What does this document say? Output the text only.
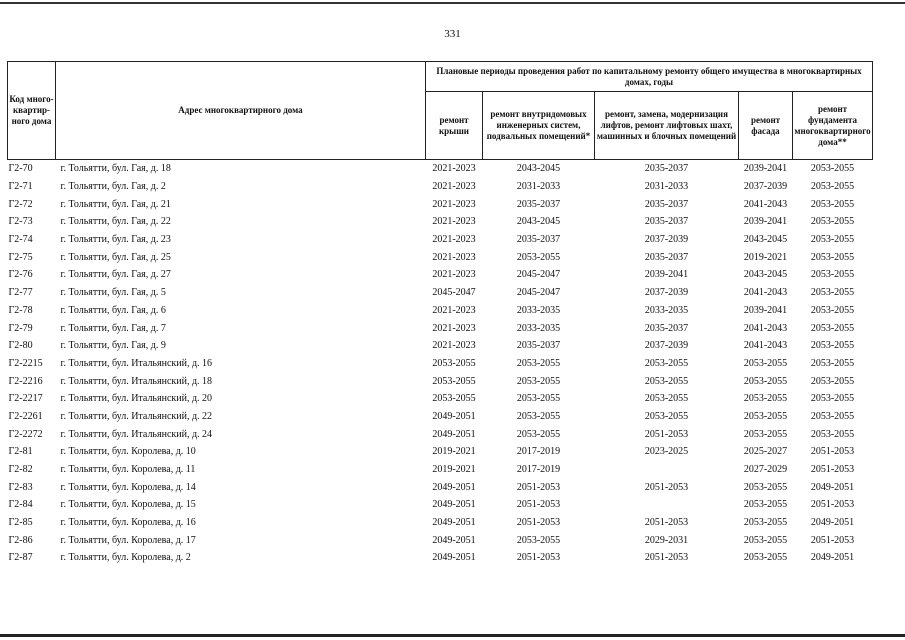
331
Код много-квартир-ного дома	Адрес многоквартирного дома	Плановые периоды проведения работ по капитальному ремонту общего имущества в многоквартирных домах, годы				
		ремонт крыши	ремонт внутридомовых инженерных систем, подвальных помещений*	ремонт, замена, модернизация лифтов, ремонт лифтовых шахт, машинных и блочных помещений	ремонт фасада	ремонт фундамента многоквартирного дома**
Г2-70	г. Тольятти, бул. Гая, д. 18	2021-2023	2043-2045	2035-2037	2039-2041	2053-2055
Г2-71	г. Тольятти, бул. Гая, д. 2	2021-2023	2031-2033	2031-2033	2037-2039	2053-2055
Г2-72	г. Тольятти, бул. Гая, д. 21	2021-2023	2035-2037	2035-2037	2041-2043	2053-2055
Г2-73	г. Тольятти, бул. Гая, д. 22	2021-2023	2043-2045	2035-2037	2039-2041	2053-2055
Г2-74	г. Тольятти, бул. Гая, д. 23	2021-2023	2035-2037	2037-2039	2043-2045	2053-2055
Г2-75	г. Тольятти, бул. Гая, д. 25	2021-2023	2053-2055	2035-2037	2019-2021	2053-2055
Г2-76	г. Тольятти, бул. Гая, д. 27	2021-2023	2045-2047	2039-2041	2043-2045	2053-2055
Г2-77	г. Тольятти, бул. Гая, д. 5	2045-2047	2045-2047	2037-2039	2041-2043	2053-2055
Г2-78	г. Тольятти, бул. Гая, д. 6	2021-2023	2033-2035	2033-2035	2039-2041	2053-2055
Г2-79	г. Тольятти, бул. Гая, д. 7	2021-2023	2033-2035	2035-2037	2041-2043	2053-2055
Г2-80	г. Тольятти, бул. Гая, д. 9	2021-2023	2035-2037	2037-2039	2041-2043	2053-2055
Г2-2215	г. Тольятти, бул. Итальянский, д. 16	2053-2055	2053-2055	2053-2055	2053-2055	2053-2055
Г2-2216	г. Тольятти, бул. Итальянский, д. 18	2053-2055	2053-2055	2053-2055	2053-2055	2053-2055
Г2-2217	г. Тольятти, бул. Итальянский, д. 20	2053-2055	2053-2055	2053-2055	2053-2055	2053-2055
Г2-2261	г. Тольятти, бул. Итальянский, д. 22	2049-2051	2053-2055	2053-2055	2053-2055	2053-2055
Г2-2272	г. Тольятти, бул. Итальянский, д. 24	2049-2051	2053-2055	2051-2053	2053-2055	2053-2055
Г2-81	г. Тольятти, бул. Королева, д. 10	2019-2021	2017-2019	2023-2025	2025-2027	2051-2053
Г2-82	г. Тольятти, бул. Королева, д. 11	2019-2021	2017-2019		2027-2029	2051-2053
Г2-83	г. Тольятти, бул. Королева, д. 14	2049-2051	2051-2053	2051-2053	2053-2055	2049-2051
Г2-84	г. Тольятти, бул. Королева, д. 15	2049-2051	2051-2053		2053-2055	2051-2053
Г2-85	г. Тольятти, бул. Королева, д. 16	2049-2051	2051-2053	2051-2053	2053-2055	2049-2051
Г2-86	г. Тольятти, бул. Королева, д. 17	2049-2051	2053-2055	2029-2031	2053-2055	2051-2053
Г2-87	г. Тольятти, бул. Королева, д. 2	2049-2051	2051-2053	2051-2053	2053-2055	2049-2051
